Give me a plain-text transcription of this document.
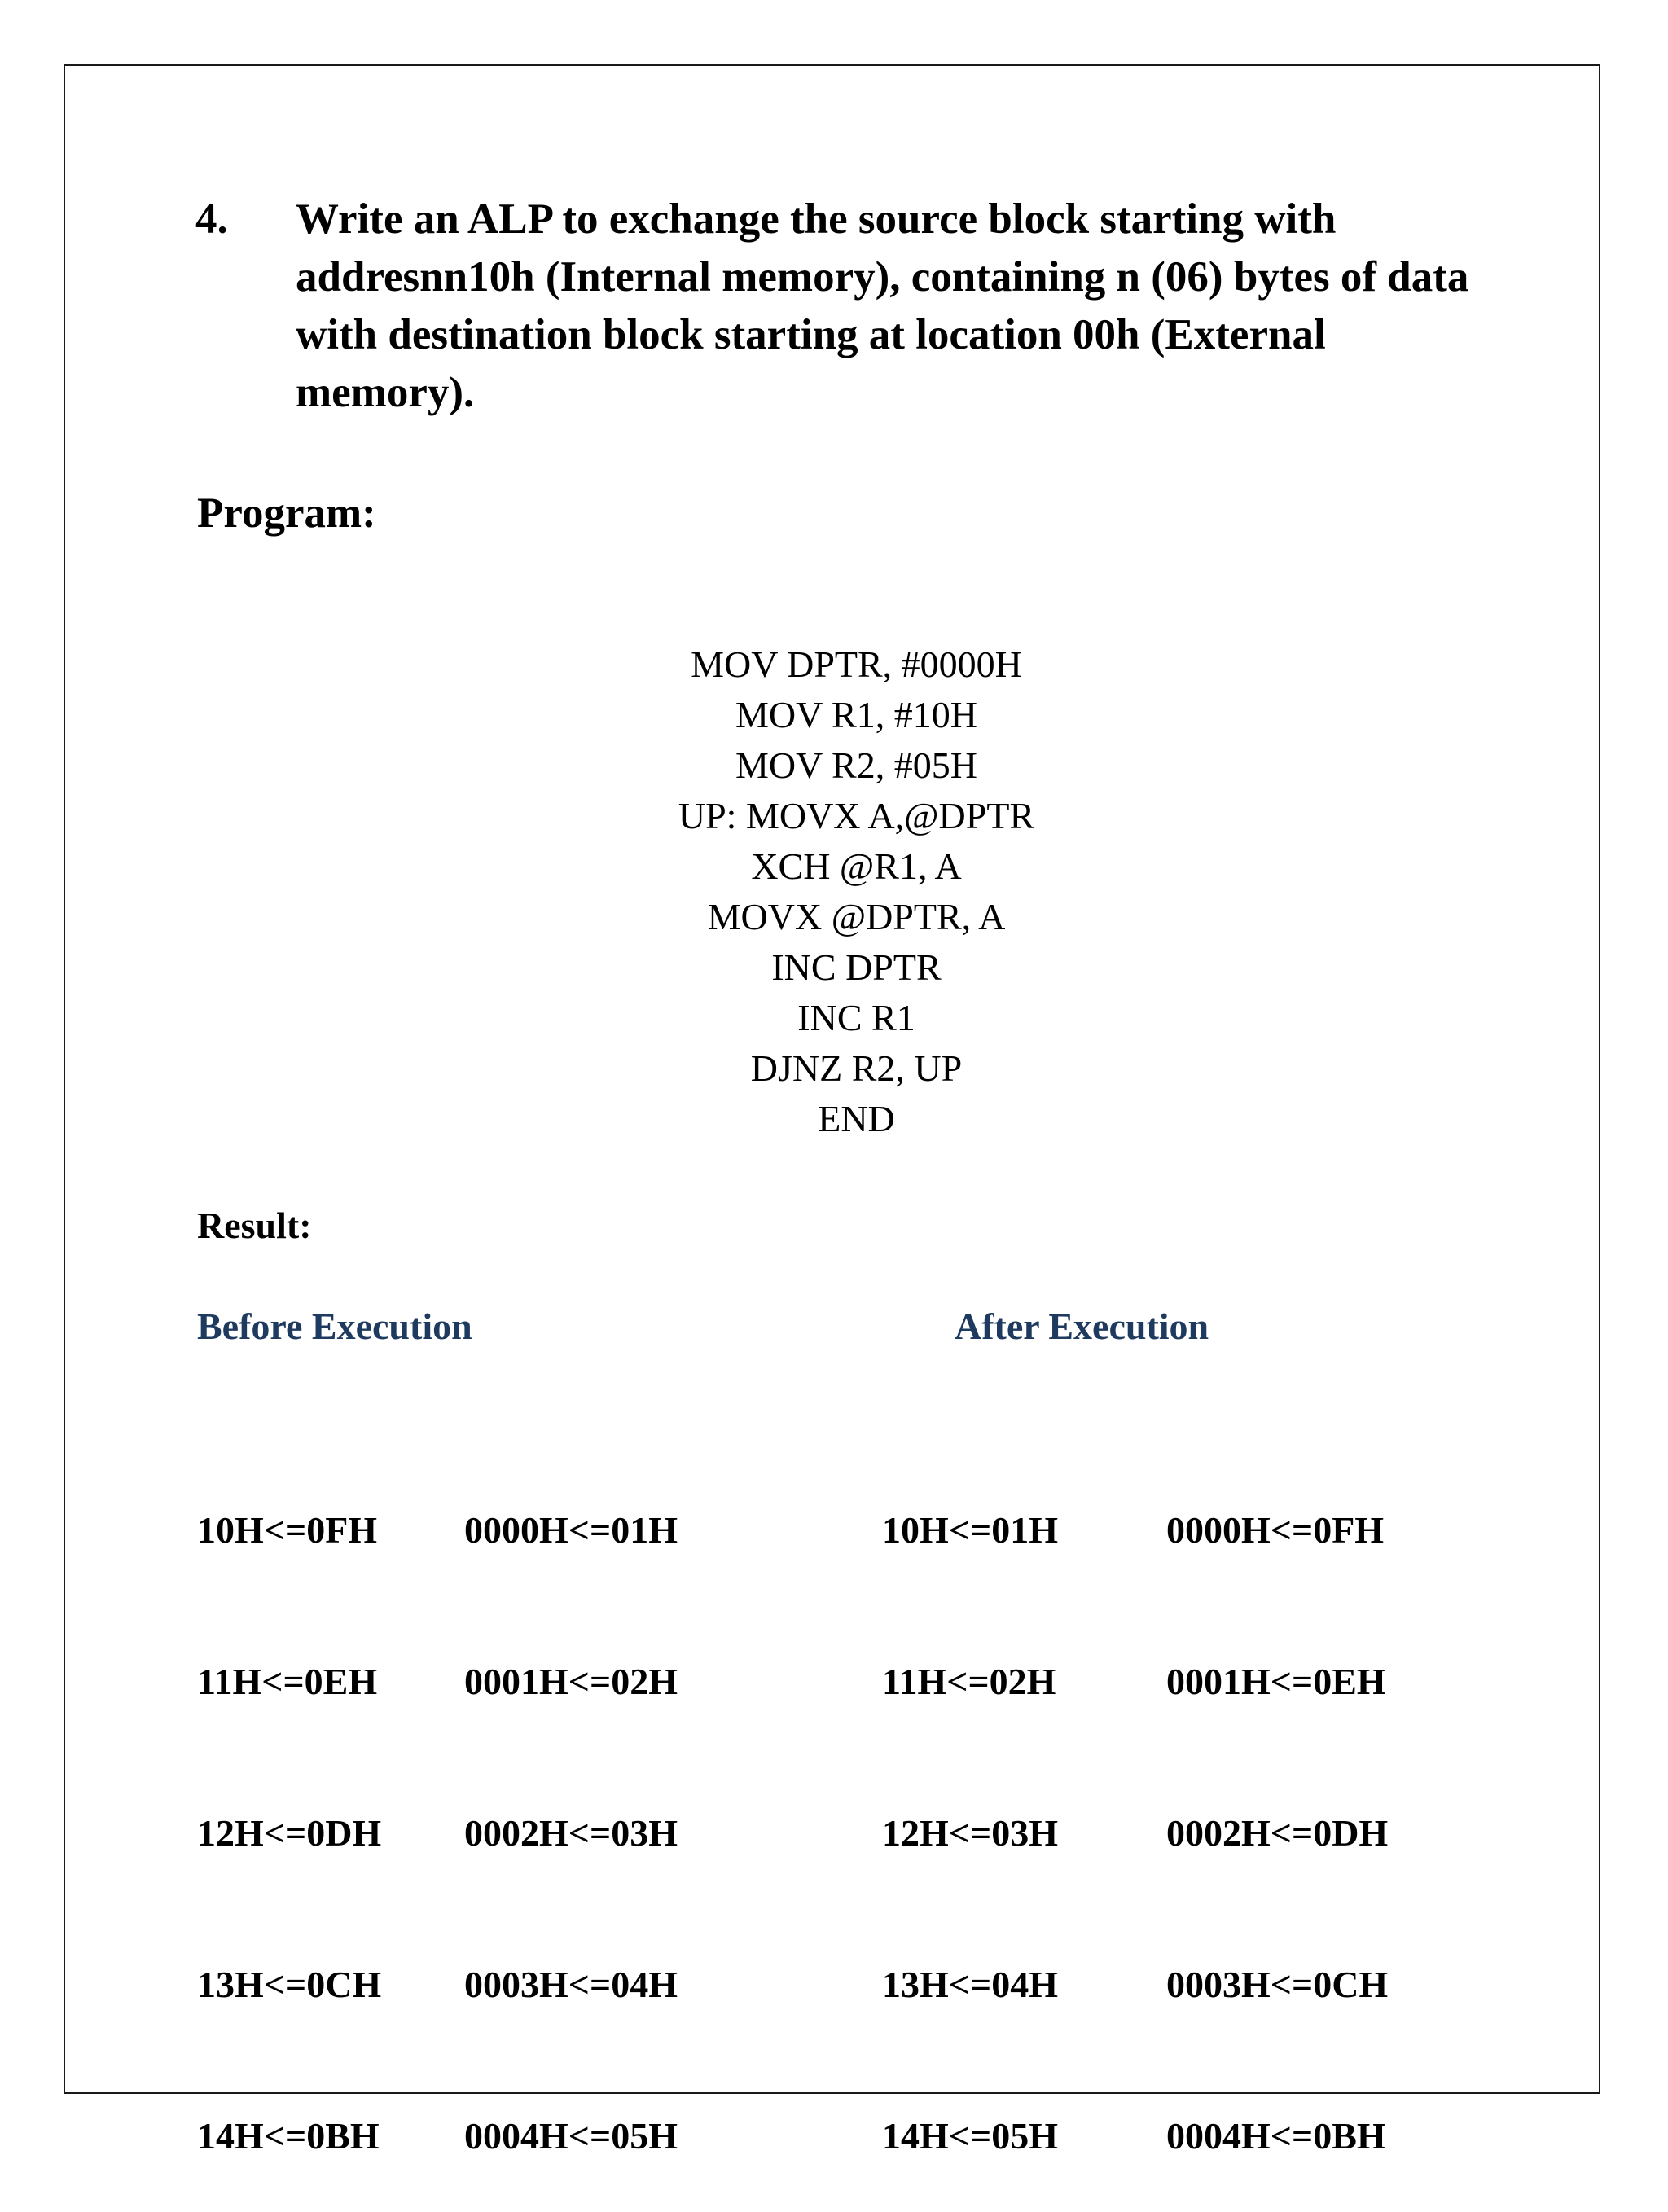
4. Write an ALP to exchange the source block starting with addresnn10h (Internal memory), containing n (06) bytes of data with destination block starting at location 00h (External memory).
Program:
MOV DPTR, #0000H
MOV R1, #10H
MOV R2, #05H
UP: MOVX A,@DPTR
XCH @R1, A
MOVX @DPTR, A
INC DPTR
INC R1
DJNZ R2, UP
END
Result:
Before Execution	After Execution

10H<=0FH

11H<=0EH

12H<=0DH

13H<=0CH

14H<=0BH

0000H<=01H

0001H<=02H

0002H<=03H

0003H<=04H

0004H<=05H

10H<=01H

11H<=02H

12H<=03H

13H<=04H

14H<=05H

0000H<=0FH

0001H<=0EH

0002H<=0DH

0003H<=0CH

0004H<=0BH
